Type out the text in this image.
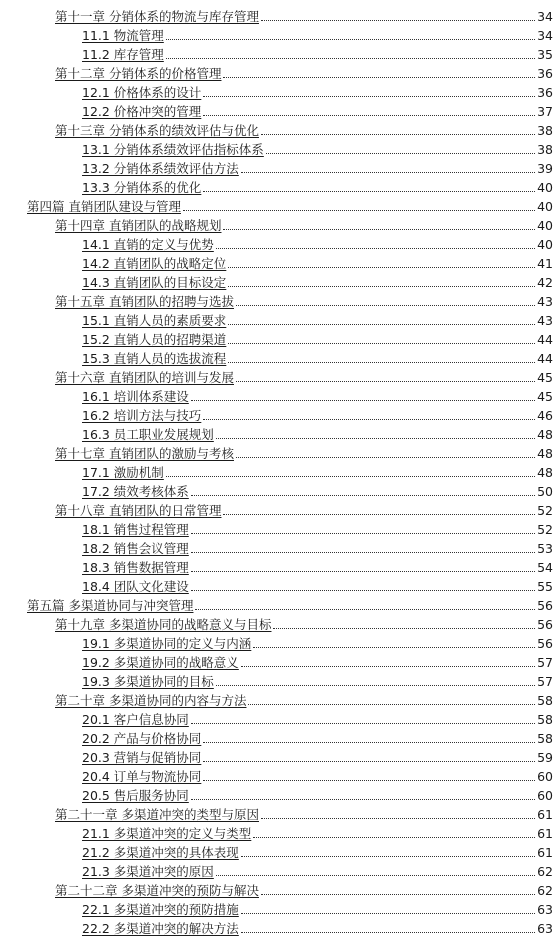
第十一章 分销体系的物流与库存管理	34
11.1 物流管理	34
11.2 库存管理	35
第十二章 分销体系的价格管理	36
12.1 价格体系的设计	36
12.2 价格冲突的管理	37
第十三章 分销体系的绩效评估与优化	38
13.1 分销体系绩效评估指标体系	38
13.2 分销体系绩效评估方法	39
13.3 分销体系的优化	40
第四篇 直销团队建设与管理	40
第十四章 直销团队的战略规划	40
14.1 直销的定义与优势	40
14.2 直销团队的战略定位	41
14.3 直销团队的目标设定	42
第十五章 直销团队的招聘与选拔	43
15.1 直销人员的素质要求	43
15.2 直销人员的招聘渠道	44
15.3 直销人员的选拔流程	44
第十六章 直销团队的培训与发展	45
16.1 培训体系建设	45
16.2 培训方法与技巧	46
16.3 员工职业发展规划	48
第十七章 直销团队的激励与考核	48
17.1 激励机制	48
17.2 绩效考核体系	50
第十八章 直销团队的日常管理	52
18.1 销售过程管理	52
18.2 销售会议管理	53
18.3 销售数据管理	54
18.4 团队文化建设	55
第五篇 多渠道协同与冲突管理	56
第十九章 多渠道协同的战略意义与目标	56
19.1 多渠道协同的定义与内涵	56
19.2 多渠道协同的战略意义	57
19.3 多渠道协同的目标	57
第二十章 多渠道协同的内容与方法	58
20.1 客户信息协同	58
20.2 产品与价格协同	58
20.3 营销与促销协同	59
20.4 订单与物流协同	60
20.5 售后服务协同	60
第二十一章 多渠道冲突的类型与原因	61
21.1 多渠道冲突的定义与类型	61
21.2 多渠道冲突的具体表现	61
21.3 多渠道冲突的原因	62
第二十二章 多渠道冲突的预防与解决	62
22.1 多渠道冲突的预防措施	63
22.2 多渠道冲突的解决方法	63
